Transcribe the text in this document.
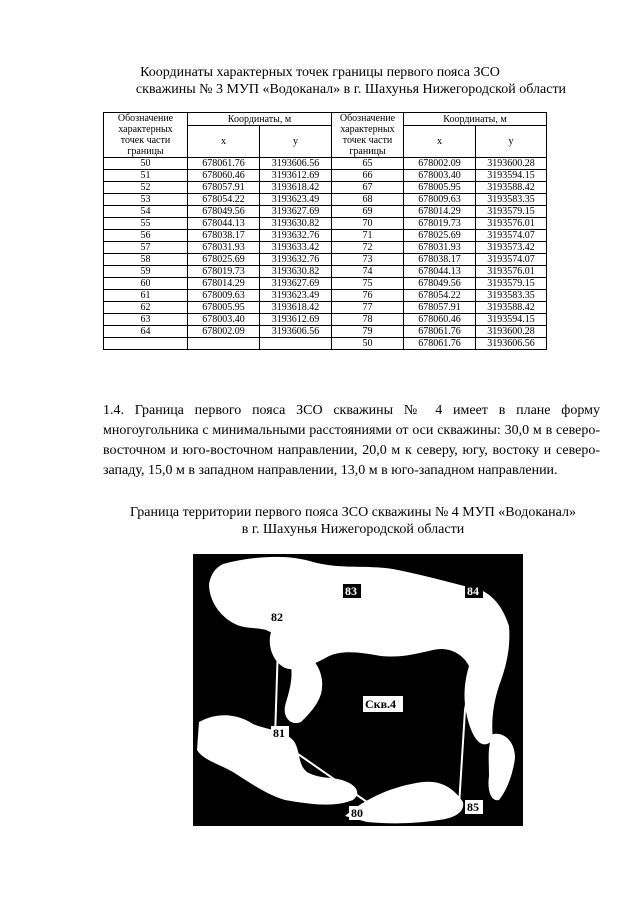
Координаты характерных точек границы первого пояса ЗСО
скважины № 3 МУП «Водоканал» в г. Шахунья Нижегородской области
Обозначение характерных точек части границы	Координаты, м		Обозначение характерных точек части границы	Координаты, м	
	x	y		x	y
50	678061.76	3193606.56	65	678002.09	3193600.28
51	678060.46	3193612.69	66	678003.40	3193594.15
52	678057.91	3193618.42	67	678005.95	3193588.42
53	678054.22	3193623.49	68	678009.63	3193583.35
54	678049.56	3193627.69	69	678014.29	3193579.15
55	678044.13	3193630.82	70	678019.73	3193576.01
56	678038.17	3193632.76	71	678025.69	3193574.07
57	678031.93	3193633.42	72	678031.93	3193573.42
58	678025.69	3193632.76	73	678038.17	3193574.07
59	678019.73	3193630.82	74	678044.13	3193576.01
60	678014.29	3193627.69	75	678049.56	3193579.15
61	678009.63	3193623.49	76	678054.22	3193583.35
62	678005.95	3193618.42	77	678057.91	3193588.42
63	678003.40	3193612.69	78	678060.46	3193594.15
64	678002.09	3193606.56	79	678061.76	3193600.28
			50	678061.76	3193606.56
1.4. Граница первого пояса ЗСО скважины № 4 имеет в плане форму многоугольника с минимальными расстояниями от оси скважины: 30,0 м в северо-восточном и юго-восточном направлении, 20,0 м к северу, югу, востоку и северо-западу, 15,0 м в западном направлении, 13,0 м в юго-западном направлении.
Граница территории первого пояса ЗСО скважины № 4 МУП «Водоканал»
в г. Шахунья Нижегородской области
83	84
82
81
80	85
Скв.4
